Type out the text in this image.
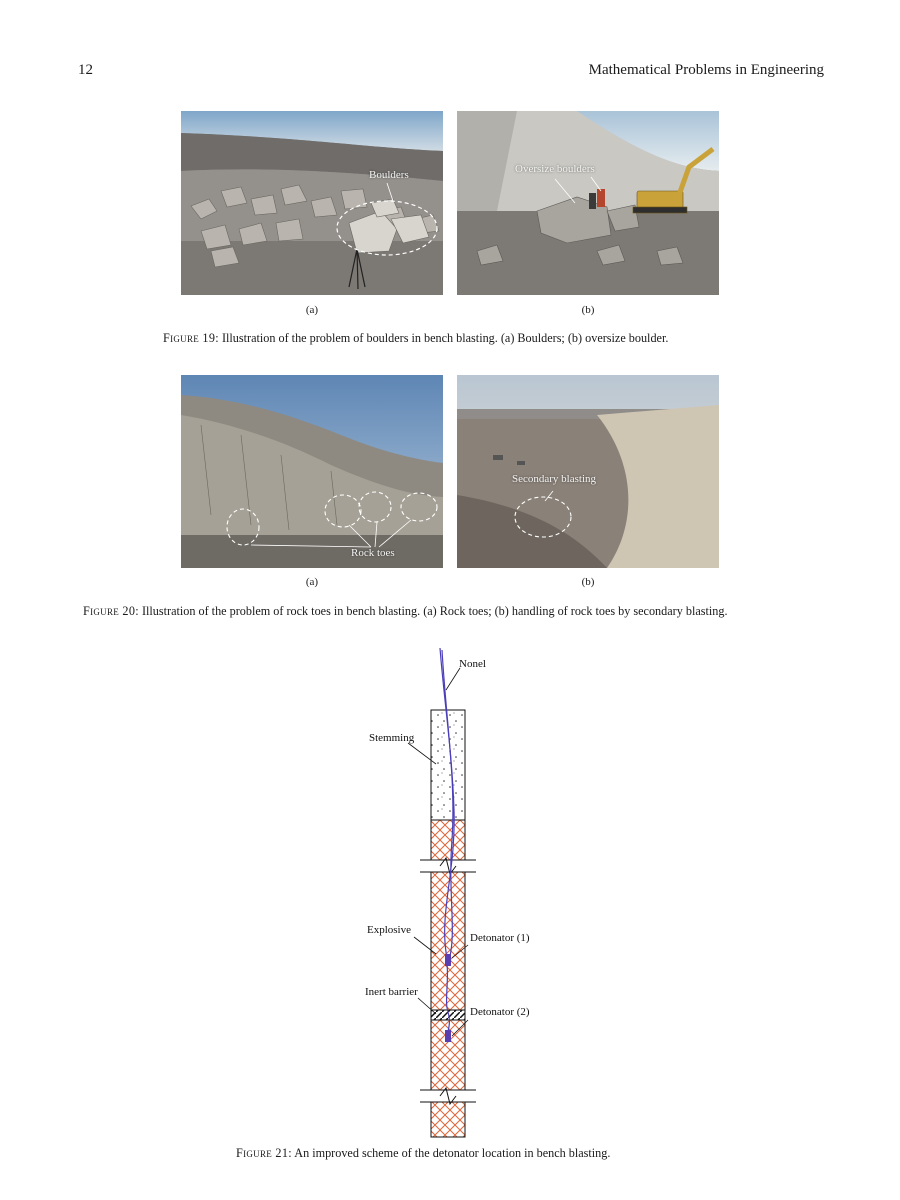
12	Mathematical Problems in Engineering
Boulders	Oversize boulders
(a)	(b)
Figure 19: Illustration of the problem of boulders in bench blasting. (a) Boulders; (b) oversize boulder.
Rock toes
Secondary blasting
(a)	(b)
Figure 20: Illustration of the problem of rock toes in bench blasting. (a) Rock toes; (b) handling of rock toes by secondary blasting.
Nonel
Stemming
Explosive
Detonator (1)
Inert barrier
Detonator (2)
Figure 21: An improved scheme of the detonator location in bench blasting.
